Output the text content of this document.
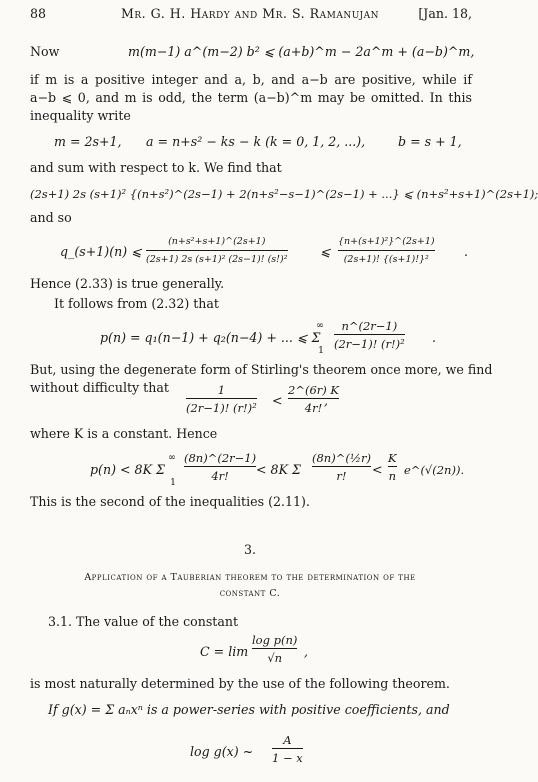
88	Mr. G. H. Hardy and Mr. S. Ramanujan	[Jan. 18,
Now	m(m−1) a^(m−2) b² ⩽ (a+b)^m − 2a^m + (a−b)^m,
if m is a positive integer and a, b, and a−b are positive, while if
a−b ⩽ 0, and m is odd, the term (a−b)^m may be omitted. In this
inequality write
m = 2s+1, a = n+s² − ks − k (k = 0, 1, 2, ...),	b = s + 1,
and sum with respect to k. We find that
(2s+1) 2s (s+1)² {(n+s²)^(2s−1) + 2(n+s²−s−1)^(2s−1) + ...} ⩽ (n+s²+s+1)^(2s+1);
and so
q_(s+1)(n) ⩽ $\frac{\text{(n+s²+s+1)\textasciicircum{}(2s+1)}}{\text{(2s+1) 2s (s+1)² (2s−1)! (s!)²}}$	⩽ $\frac{\text{\{n+(s+1)²\}\textasciicircum{}(2s+1)}}{\text{(2s+1)! \{(s+1)!\}²}}$ .
Hence (2.33) is true generally.
It follows from (2.32) that
p(n) = q₁(n−1) + q₂(n−4) + ... ⩽ Σ
∞
$1 \frac{n\^{}(2r-1)}{\text{(2r−1)! (r!)²}}$ .
But, using the degenerate form of Stirling's theorem once more, we find
without difficulty that $\frac{1}{\text{(2r−1)! (r!)²}} < \frac{2\^{}(6r) K}{4r!}$
,
where K is a constant. Hence
p(n) < 8K Σ
∞
$1 \frac{(8n)\^{}(2r-1)}{4r!} < 8K$ Σ $\frac{\text{(8n)\textasciicircum{}(½r)}}{r!} < \frac{K}{n}$ e^(√(2n)).
This is the second of the inequalities (2.11).
3.
Application of a Tauberian theorem to the determination of the
constant C.
3.1. The value of the constant
$C = \lim \frac{\text{log p(n)}}{√n}$ ,
is most naturally determined by the use of the following theorem.
If g(x) = Σ aₙxⁿ is a power-series with positive coefficients, and
log g(x) ~ $\frac{A}{1 - x}$
